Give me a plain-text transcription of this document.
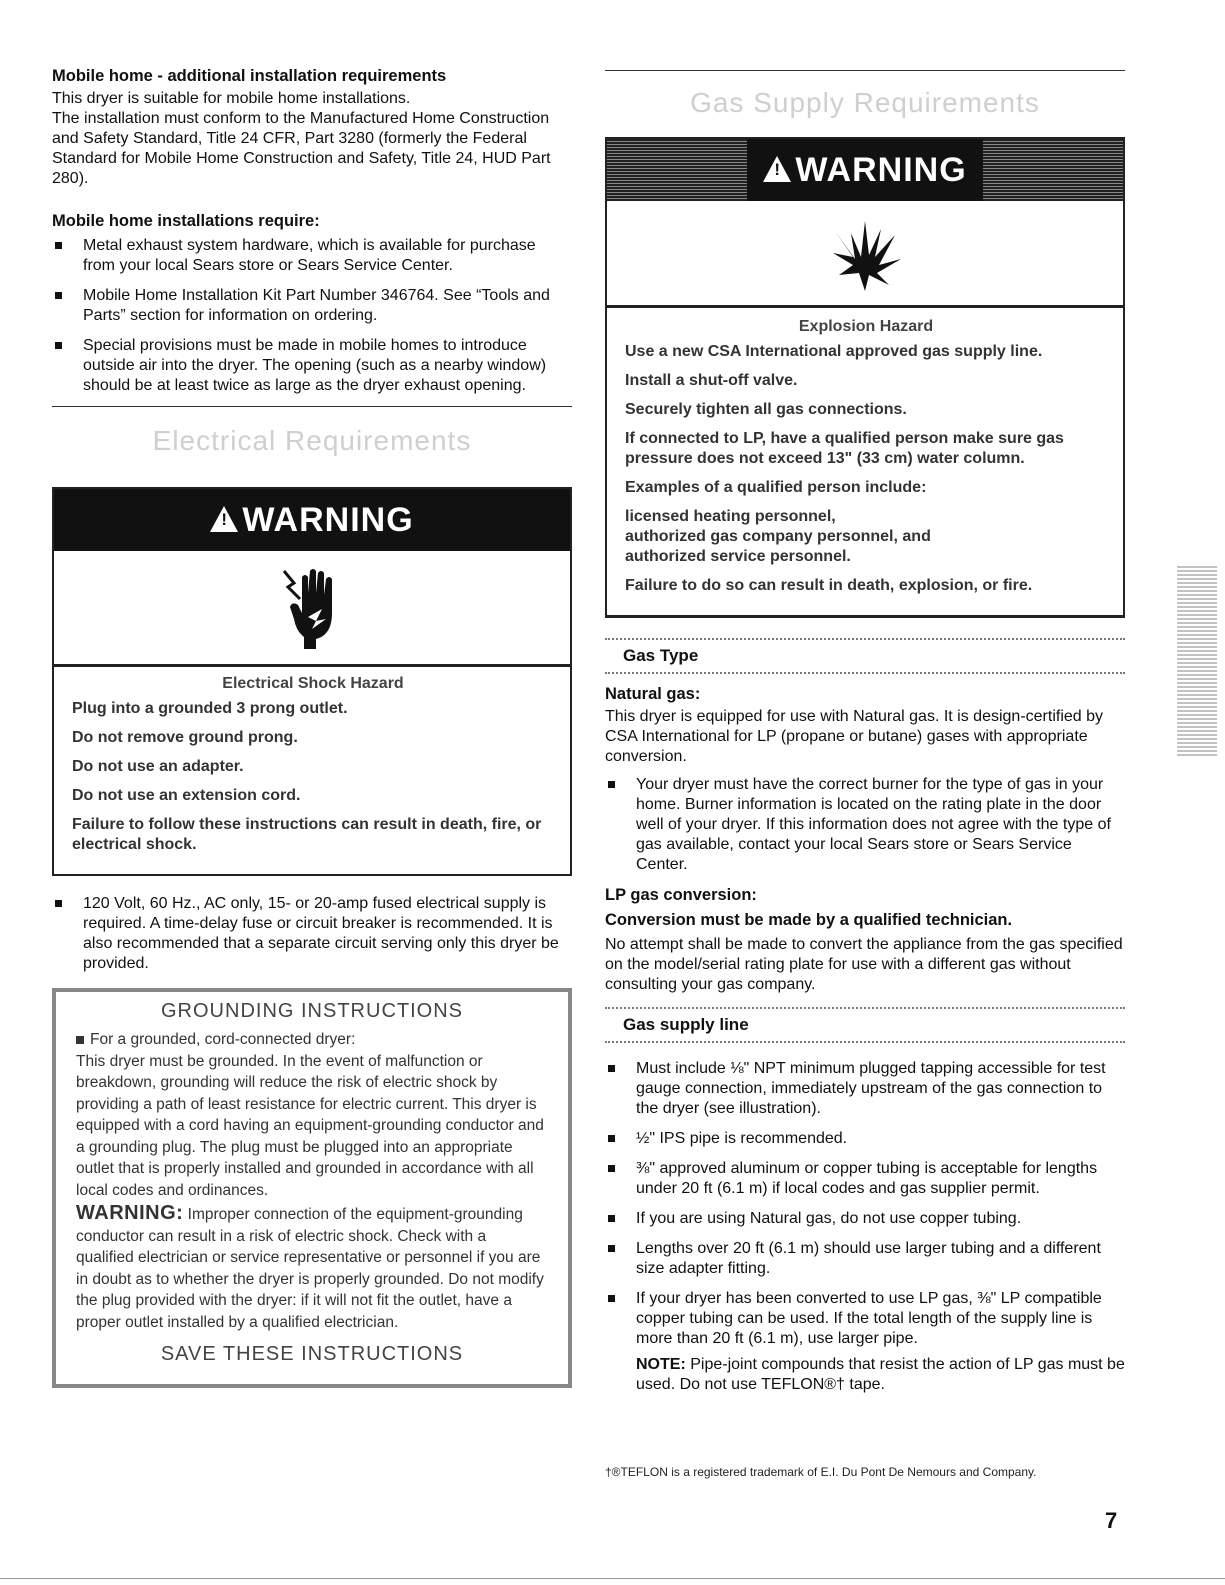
Mobile home - additional installation requirements

This dryer is suitable for mobile home installations.
The installation must conform to the Manufactured Home Construction and Safety Standard, Title 24 CFR, Part 3280 (formerly the Federal Standard for Mobile Home Construction and Safety, Title 24, HUD Part 280).

Mobile home installations require:
Metal exhaust system hardware, which is available for purchase from your local Sears store or Sears Service Center.
Mobile Home Installation Kit Part Number 346764. See “Tools and Parts” section for information on ordering.
Special provisions must be made in mobile homes to introduce outside air into the dryer. The opening (such as a nearby window) should be at least twice as large as the dryer exhaust opening.
Electrical Requirements
!
WARNING
Electrical Shock Hazard
Plug into a grounded 3 prong outlet.
Do not remove ground prong.
Do not use an adapter.
Do not use an extension cord.
Failure to follow these instructions can result in death, fire, or electrical shock.
120 Volt, 60 Hz., AC only, 15- or 20-amp fused electrical supply is required. A time-delay fuse or circuit breaker is recommended. It is also recommended that a separate circuit serving only this dryer be provided.
GROUNDING INSTRUCTIONS

For a grounded, cord-connected dryer:

This dryer must be grounded. In the event of malfunction or breakdown, grounding will reduce the risk of electric shock by providing a path of least resistance for electric current. This dryer is equipped with a cord having an equipment-grounding conductor and a grounding plug. The plug must be plugged into an appropriate outlet that is properly installed and grounded in accordance with all local codes and ordinances.

WARNING: Improper connection of the equipment-grounding conductor can result in a risk of electric shock. Check with a qualified electrician or service representative or personnel if you are in doubt as to whether the dryer is properly grounded. Do not modify the plug provided with the dryer: if it will not fit the outlet, have a proper outlet installed by a qualified electrician.

SAVE THESE INSTRUCTIONS
Gas Supply Requirements
!
WARNING
Explosion Hazard
Use a new CSA International approved gas supply line.
Install a shut-off valve.
Securely tighten all gas connections.
If connected to LP, have a qualified person make sure gas pressure does not exceed 13" (33 cm) water column.
Examples of a qualified person include:
licensed heating personnel,
authorized gas company personnel, and
authorized service personnel.
Failure to do so can result in death, explosion, or fire.
Gas Type
Natural gas:

This dryer is equipped for use with Natural gas. It is design-certified by CSA International for LP (propane or butane) gases with appropriate conversion.

Your dryer must have the correct burner for the type of gas in your home. Burner information is located on the rating plate in the door well of your dryer. If this information does not agree with the type of gas available, contact your local Sears store or Sears Service Center.
LP gas conversion:
Conversion must be made by a qualified technician.

No attempt shall be made to convert the appliance from the gas specified on the model/serial rating plate for use with a different gas without consulting your gas company.

Gas supply line
Must include ⅛" NPT minimum plugged tapping accessible for test gauge connection, immediately upstream of the gas connection to the dryer (see illustration).
½" IPS pipe is recommended.
⅜" approved aluminum or copper tubing is acceptable for lengths under 20 ft (6.1 m) if local codes and gas supplier permit.
If you are using Natural gas, do not use copper tubing.
Lengths over 20 ft (6.1 m) should use larger tubing and a different size adapter fitting.
If your dryer has been converted to use LP gas, ⅜" LP compatible copper tubing can be used. If the total length of the supply line is more than 20 ft (6.1 m), use larger pipe.

NOTE: Pipe-joint compounds that resist the action of LP gas must be used. Do not use TEFLON®† tape.

†®TEFLON is a registered trademark of E.I. Du Pont De Nemours and Company.
7
